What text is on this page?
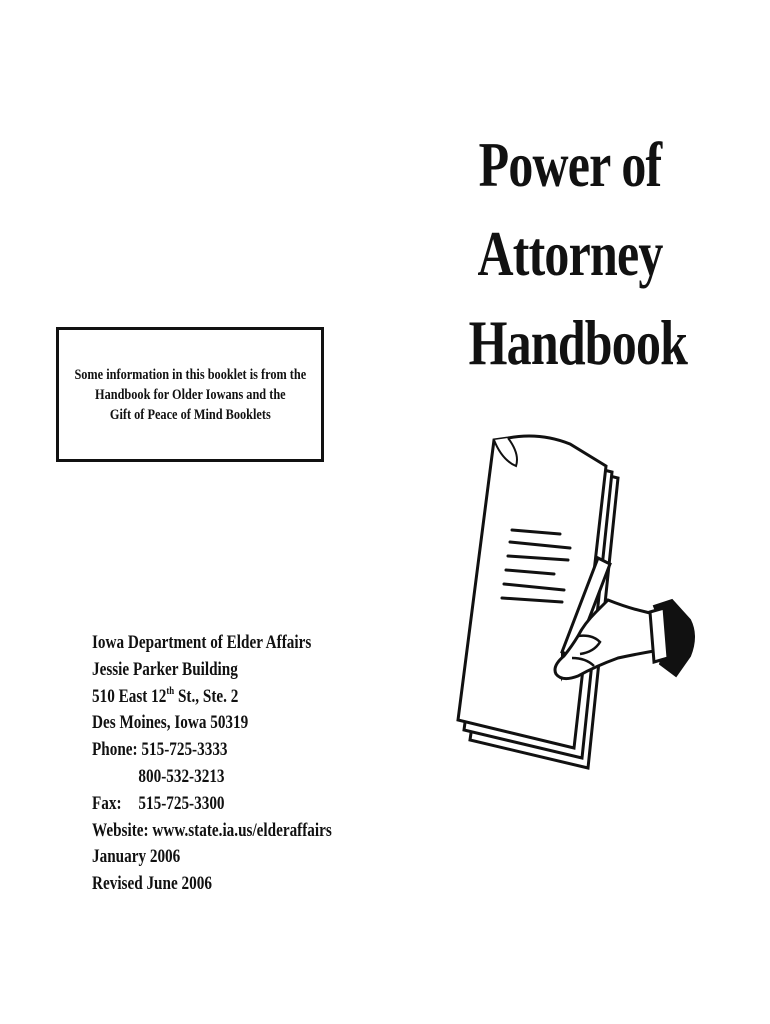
Power of
Attorney
Handbook
Some information in this booklet is from the
Handbook for Older Iowans and the
Gift of Peace of Mind Booklets
Iowa Department of Elder Affairs
Jessie Parker Building
510 East 12th St., Ste. 2
Des Moines, Iowa 50319
Phone: 515-725-3333
800-532-3213
Fax: 515-725-3300
Website: www.state.ia.us/elderaffairs
January 2006
Revised June 2006
